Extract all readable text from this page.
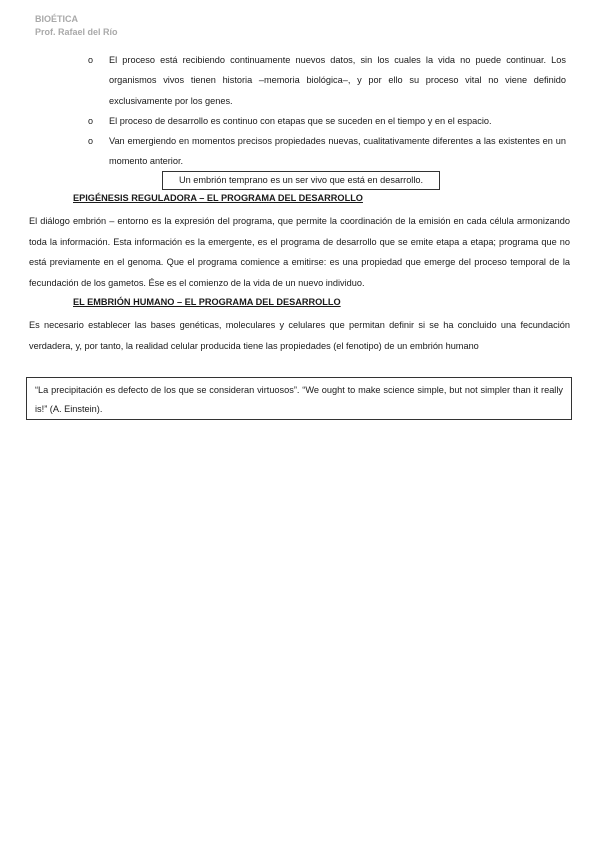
BIOÉTICA
Prof. Rafael del Río
o El proceso está recibiendo continuamente nuevos datos, sin los cuales la vida no puede continuar. Los organismos vivos tienen historia –memoria biológica–, y por ello su proceso vital no viene definido exclusivamente por los genes.
o El proceso de desarrollo es continuo con etapas que se suceden en el tiempo y en el espacio.
o Van emergiendo en momentos precisos propiedades nuevas, cualitativamente diferentes a las existentes en un momento anterior.
Un embrión temprano es un ser vivo que está en desarrollo.
EPIGÉNESIS REGULADORA – EL PROGRAMA DEL DESARROLLO

El diálogo embrión – entorno es la expresión del programa, que permite la coordinación de la emisión en cada célula armonizando toda la información. Esta información es la emergente, es el programa de desarrollo que se emite etapa a etapa; programa que no está previamente en el genoma. Que el programa comience a emitirse: es una propiedad que emerge del proceso temporal de la fecundación de los gametos. Ése es el comienzo de la vida de un nuevo individuo.

EL EMBRIÓN HUMANO – EL PROGRAMA DEL DESARROLLO

Es necesario establecer las bases genéticas, moleculares y celulares que permitan definir si se ha concluido una fecundación verdadera, y, por tanto, la realidad celular producida tiene las propiedades (el fenotipo) de un embrión humano

“La precipitación es defecto de los que se consideran virtuosos”. “We ought to make science simple, but not simpler than it really is!” (A. Einstein).
